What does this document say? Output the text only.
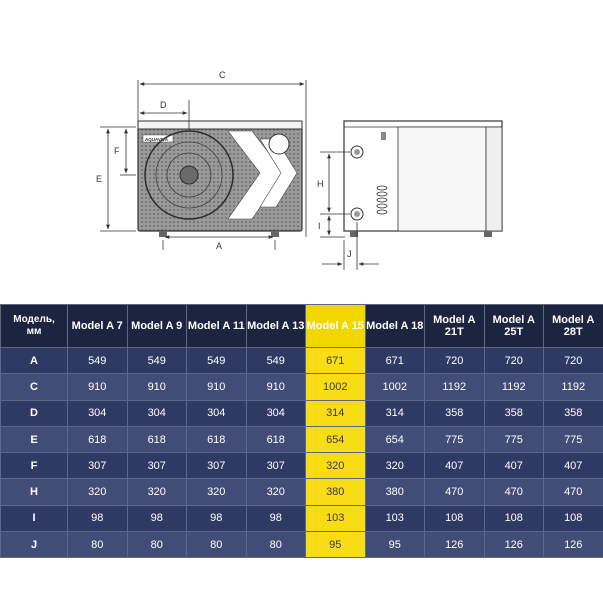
AQUAVIVA
C
D
E
F
A
H
I
J
Модель, мм	Model A 7	Model A 9	Model A 11	Model A 13	Model A 15	Model A 18	Model A 21T	Model A 25T	Model A 28T
A	549	549	549	549	671	671	720	720	720
C	910	910	910	910	1002	1002	1192	1192	1192
D	304	304	304	304	314	314	358	358	358
E	618	618	618	618	654	654	775	775	775
F	307	307	307	307	320	320	407	407	407
H	320	320	320	320	380	380	470	470	470
I	98	98	98	98	103	103	108	108	108
J	80	80	80	80	95	95	126	126	126
